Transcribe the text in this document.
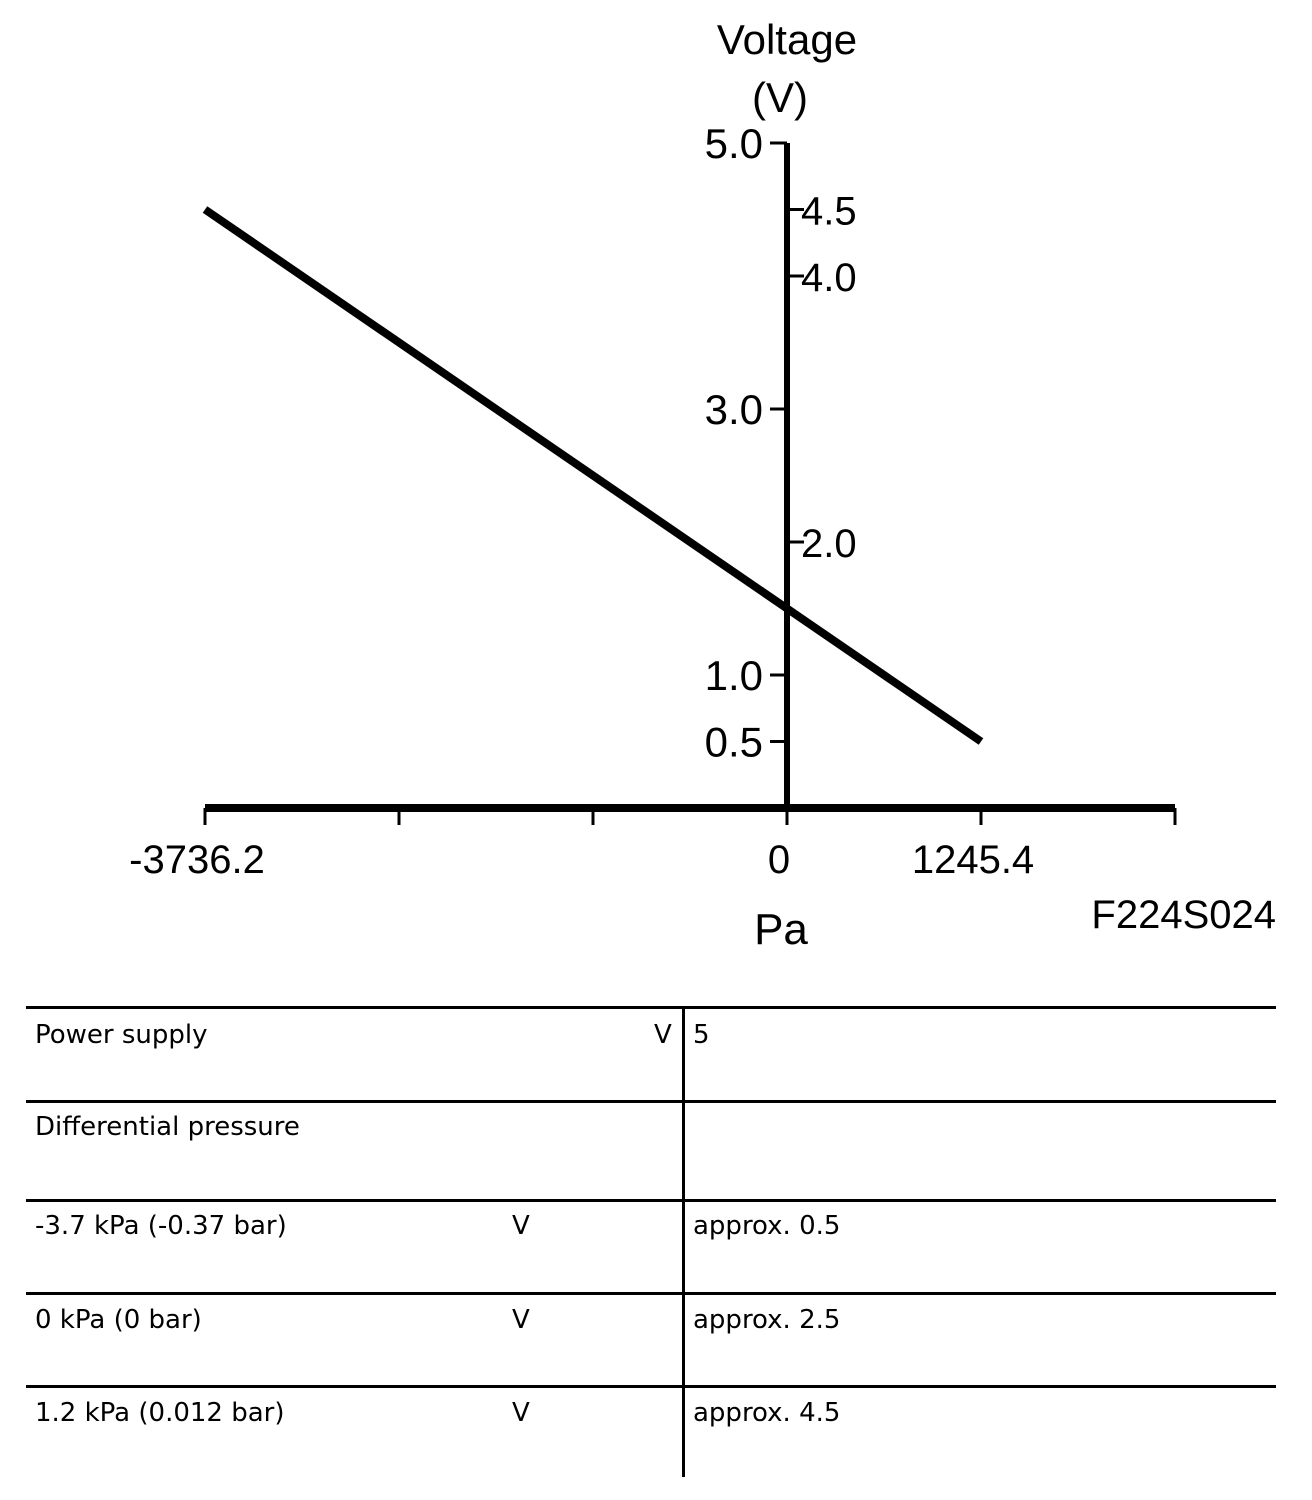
Voltage
(V)
-3736.2	0	1245.4
5.0
3.0
1.0
0.5
4.5
4.0
2.0
Pa	F224S024
Power supply	V 5
Differential pressure
-3.7 kPa (-0.37 bar)	V	approx. 0.5
0 kPa (0 bar)	V	approx. 2.5
1.2 kPa (0.012 bar)	V	approx. 4.5
